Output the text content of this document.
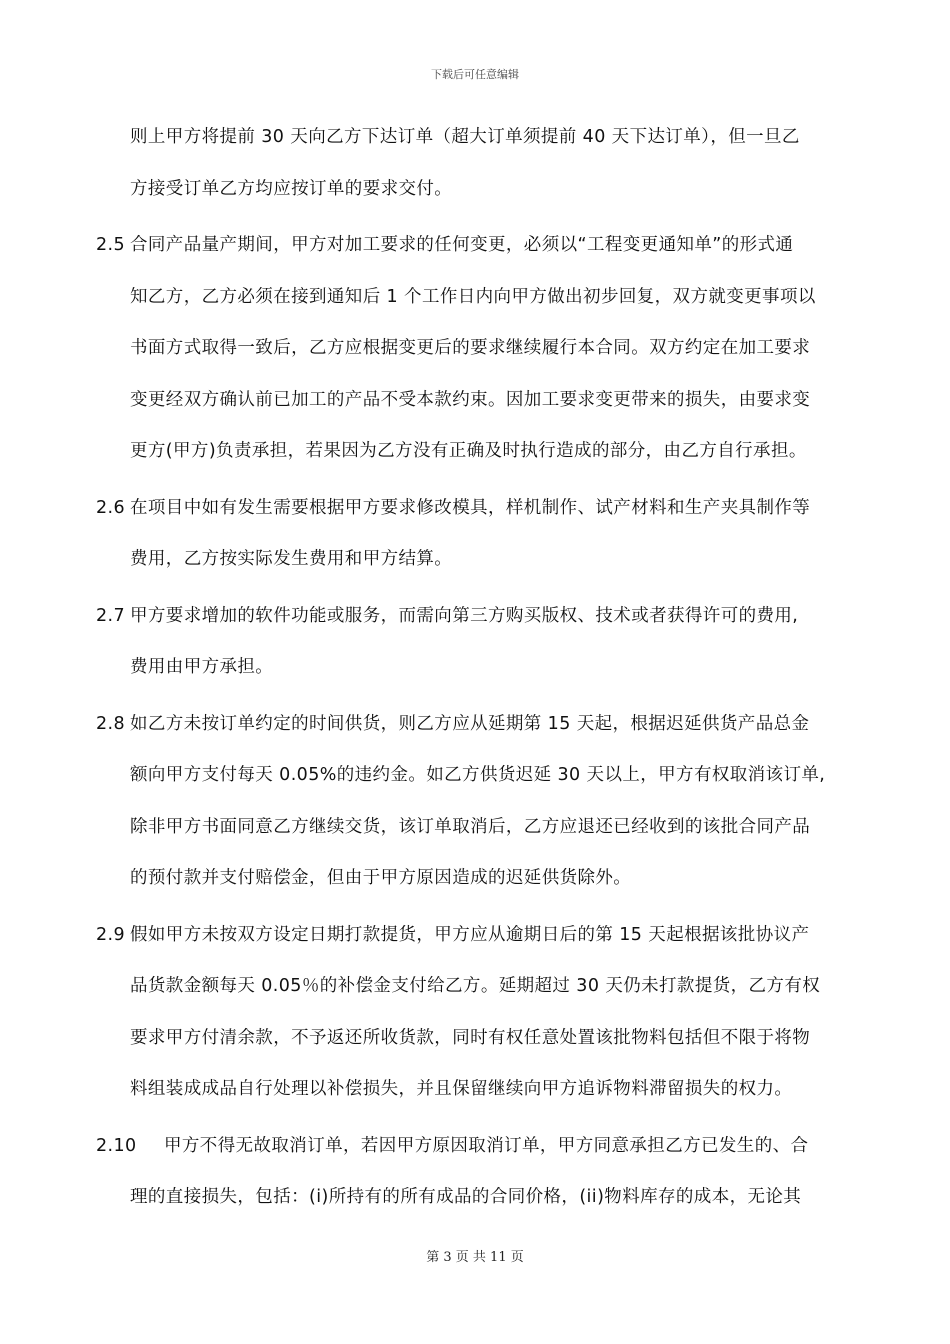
下载后可任意编辑
则上甲方将提前 30 天向乙方下达订单（超大订单须提前 40 天下达订单），但一旦乙
方接受订单乙方均应按订单的要求交付。
2.5 合同产品量产期间，甲方对加工要求的任何变更，必须以“工程变更通知单”的形式通
知乙方，乙方必须在接到通知后 1 个工作日内向甲方做出初步回复，双方就变更事项以
书面方式取得一致后，乙方应根据变更后的要求继续履行本合同。双方约定在加工要求
变更经双方确认前已加工的产品不受本款约束。因加工要求变更带来的损失，由要求变
更方(甲方)负责承担，若果因为乙方没有正确及时执行造成的部分，由乙方自行承担。
2.6 在项目中如有发生需要根据甲方要求修改模具，样机制作、试产材料和生产夹具制作等
费用，乙方按实际发生费用和甲方结算。
2.7 甲方要求增加的软件功能或服务，而需向第三方购买版权、技术或者获得许可的费用,
费用由甲方承担。
2.8 如乙方未按订单约定的时间供货，则乙方应从延期第 15 天起，根据迟延供货产品总金
额向甲方支付每天 0.05%的违约金。如乙方供货迟延 30 天以上，甲方有权取消该订单,
除非甲方书面同意乙方继续交货，该订单取消后，乙方应退还已经收到的该批合同产品
的预付款并支付赔偿金，但由于甲方原因造成的迟延供货除外。
2.9 假如甲方未按双方设定日期打款提货，甲方应从逾期日后的第 15 天起根据该批协议产
品货款金额每天 0.05％的补偿金支付给乙方。延期超过 30 天仍未打款提货，乙方有权
要求甲方付清余款，不予返还所收货款，同时有权任意处置该批物料包括但不限于将物
料组装成成品自行处理以补偿损失，并且保留继续向甲方追诉物料滞留损失的权力。
2.10	甲方不得无故取消订单，若因甲方原因取消订单，甲方同意承担乙方已发生的、合
理的直接损失，包括：(i)所持有的所有成品的合同价格，(ii)物料库存的成本，无论其
第 3 页 共 11 页
